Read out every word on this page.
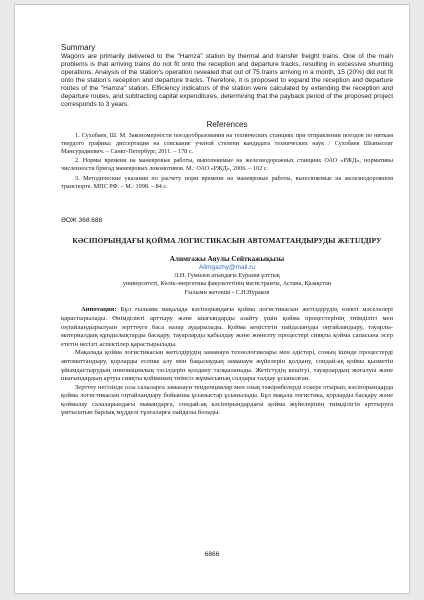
Summary

Wagons are primarily delivered to the "Hamza" station by thermal and transfer freight trains. One of the main problems is that arriving trains do not fit onto the reception and departure tracks, resulting in excessive shunting operations. Analysis of the station's operation revealed that out of 75 trains arriving in a month, 15 (20%) did not fit onto the station's reception and departure tracks. Therefore, it is proposed to expand the reception and departure routes of the "Hamza" station. Efficiency indicators of the station were calculated by extending the reception and departure routes, and subtracting capital expenditures, determining that the payback period of the proposed project corresponds to 3 years.

References

1. Сухобаев, Ш. М. Закономерности поездообразования на технических станциях при отправлении поездов по ниткам твердого графика: диссертация на соискание ученой степени кандидата технических наук / Сухобаев Шыныолат Мансурадиевич. – Санкт-Петербург, 2011. – 178 с.

2. Нормы времени на маневровые работы, выполняемые на железнодорожных станциях ОАО «РЖД», нормативы численности бригад маневровых локомотивов. М.: ОАО «РЖД», 2006. – 102 с.

3. Методические указания по расчету норм времени на маневровые работы, выполняемые на железнодорожном транспорте. МПС РФ. – М.: 1998. – 84 с.

ӘОЖ 368.688
КӘСІПОРЫНДАҒЫ ҚОЙМА ЛОГИСТИКАСЫН АВТОМАТТАНДЫРУДЫ ЖЕТІЛДІРУ
Алимгажы Аяулы Сейткажықызы
Alimgazhy@mail.ru
Л.Н. Гумилев атындағы Еуразия ұлттық
университеті, Көлік-энергетика факультетінің магистранты, Астана, Қазақстан
Ғылыми жетекші - С.Н.Нураков

Аннотация: Бұл ғылыми мақалада кәсіпорындағы қойма логистикасын жетілдірудің өзекті мәселелері қарастырылады. Өнімділікті арттыру және шығындарды азайту үшін қойма процестерінің тиімділігі мен оңтайландырылуын зерттеуге баса назар аударылады. Қойма кеңістігін пайдалануды оңтайландыру, тауарлы-материалдық құндылықтарды басқару, тауарларды қабылдау және жөнелту процестері сияқты қойма сапасына әсер ететін негізгі аспектілер қарастырылады.

Мақалада қойма логистикасын жетілдірудің заманауи технологиялары мен әдістері, соның ішінде процестерді автоматтандыру, қорларды есепке алу мен бақылаудың заманауи жүйелерін қолдану, сондай-ақ қойма қызметін ұйымдастырудың инновациялық тәсілдерін қолдану талқыланады. Жетістудің кешігуі, тауарлардың жоғалуы және шығындардың артуы сияқты қойманың тиімсіз жұмысының салдары талдау ұсынылған.

Зерттеу негізінде осы салаларға заманауи тенденциялар мен озық тәжірибелерді ескере отырып, кәсіпорындарда қойма логистикасын оңтайландыру бойынша ұсыныстар ұсынылады. Бұл мақала логистика, қорларды басқару және қоймалау салаларындағы мамандарға, сондай-ақ кәсіпорындардағы қойма жүйелерінің тиімділігін арттыруға ұмтылатын барлық мүдделі тұлғаларға пайдалы болады.

6866
